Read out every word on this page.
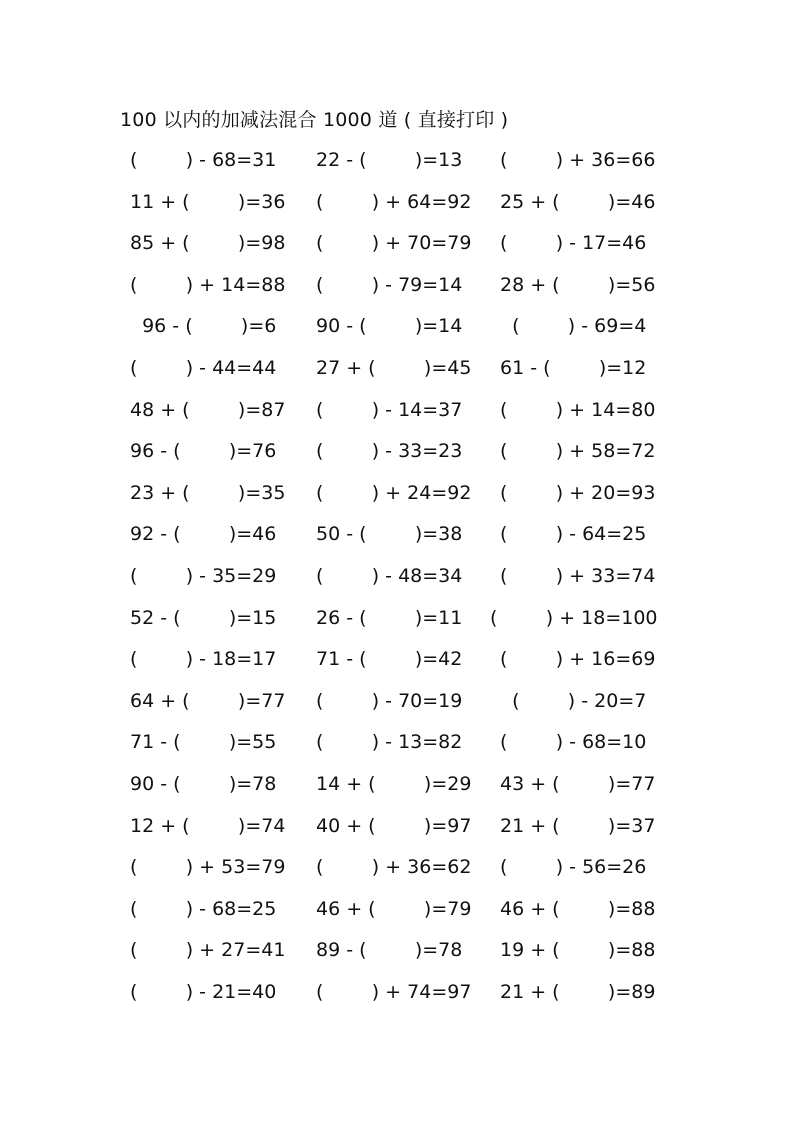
100 以内的加减法混合 1000 道 ( 直接打印 )
(        ) - 68=31 22 - (        )=13 (        ) + 36=66
11 + (        )=36 (        ) + 64=92 25 + (        )=46
85 + (        )=98 (        ) + 70=79 (        ) - 17=46
(        ) + 14=88 (        ) - 79=14 28 + (        )=56
96 - (        )=6 90 - (        )=14 (        ) - 69=4
(        ) - 44=44 27 + (        )=45 61 - (        )=12
48 + (        )=87 (        ) - 14=37 (        ) + 14=80
96 - (        )=76 (        ) - 33=23 (        ) + 58=72
23 + (        )=35 (        ) + 24=92 (        ) + 20=93
92 - (        )=46 50 - (        )=38 (        ) - 64=25
(        ) - 35=29 (        ) - 48=34 (        ) + 33=74
52 - (        )=15 26 - (        )=11 (        ) + 18=100
(        ) - 18=17 71 - (        )=42 (        ) + 16=69
64 + (        )=77 (        ) - 70=19 (        ) - 20=7
71 - (        )=55 (        ) - 13=82 (        ) - 68=10
90 - (        )=78 14 + (        )=29 43 + (        )=77
12 + (        )=74 40 + (        )=97 21 + (        )=37
(        ) + 53=79 (        ) + 36=62 (        ) - 56=26
(        ) - 68=25 46 + (        )=79 46 + (        )=88
(        ) + 27=41 89 - (        )=78 19 + (        )=88
(        ) - 21=40 (        ) + 74=97 21 + (        )=89
